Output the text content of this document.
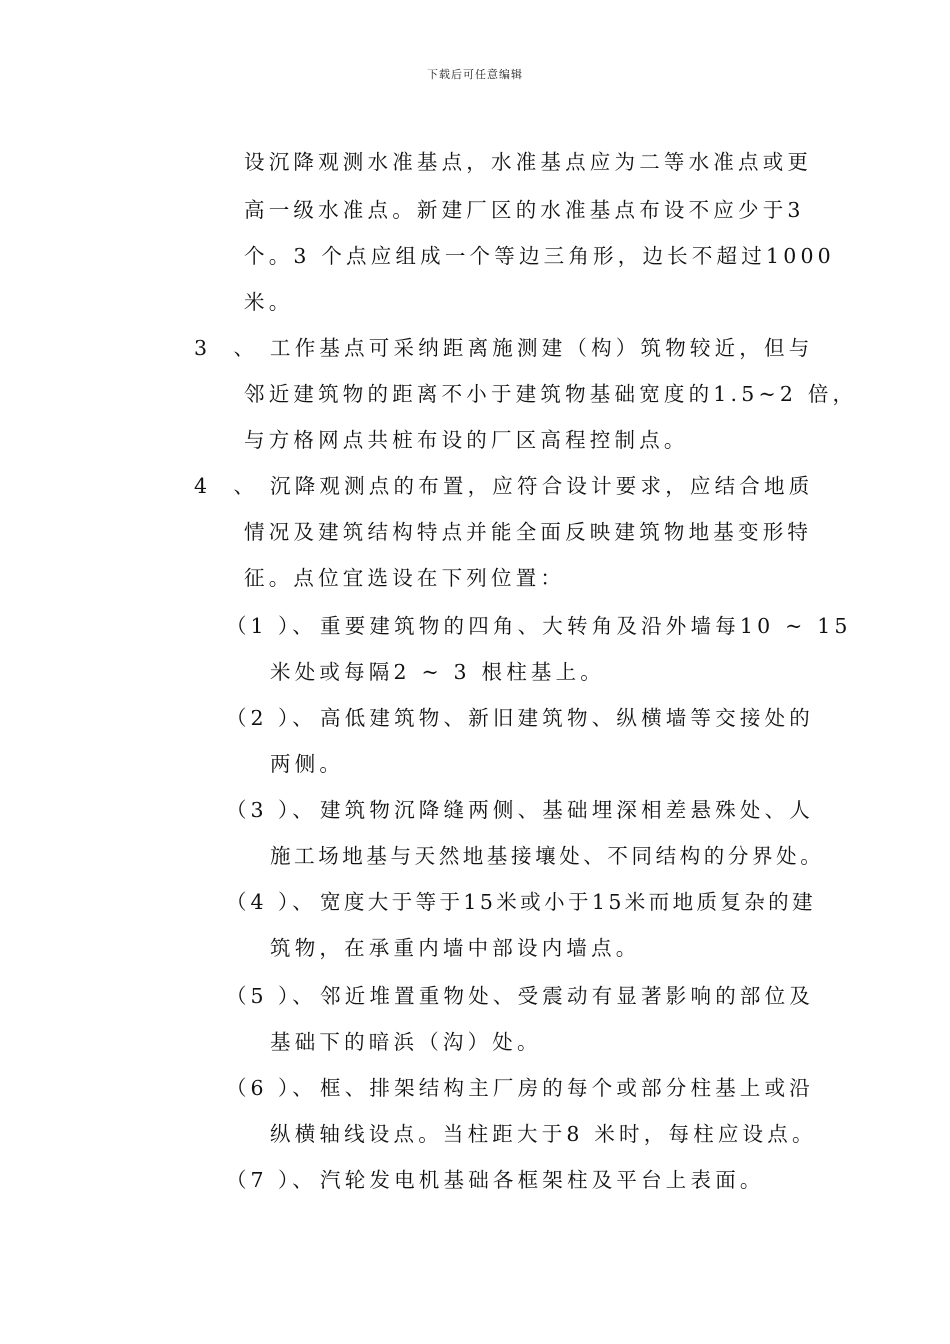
下载后可任意编辑
设沉降观测水准基点，水准基点应为二等水准点或更
高一级水准点。新建厂区的水准基点布设不应少于3
个。3 个点应组成一个等边三角形，边长不超过1000
米。
3 、 工作基点可采纳距离施测建（构）筑物较近，但与
邻近建筑物的距离不小于建筑物基础宽度的1.5~2 倍，
与方格网点共桩布设的厂区高程控制点。
4 、 沉降观测点的布置，应符合设计要求，应结合地质
情况及建筑结构特点并能全面反映建筑物地基变形特
征。点位宜选设在下列位置：
（1 ）、 重要建筑物的四角、大转角及沿外墙每10 ~ 15
米处或每隔2 ~ 3 根柱基上。
（2 ）、 高低建筑物、新旧建筑物、纵横墙等交接处的
两侧。
（3 ）、 建筑物沉降缝两侧、基础埋深相差悬殊处、人
施工场地基与天然地基接壤处、不同结构的分界处。
（4 ）、 宽度大于等于15米或小于15米而地质复杂的建
筑物，在承重内墙中部设内墙点。
（5 ）、 邻近堆置重物处、受震动有显著影响的部位及
基础下的暗浜（沟）处。
（6 ）、 框、排架结构主厂房的每个或部分柱基上或沿
纵横轴线设点。当柱距大于8 米时，每柱应设点。
（7 ）、 汽轮发电机基础各框架柱及平台上表面。
